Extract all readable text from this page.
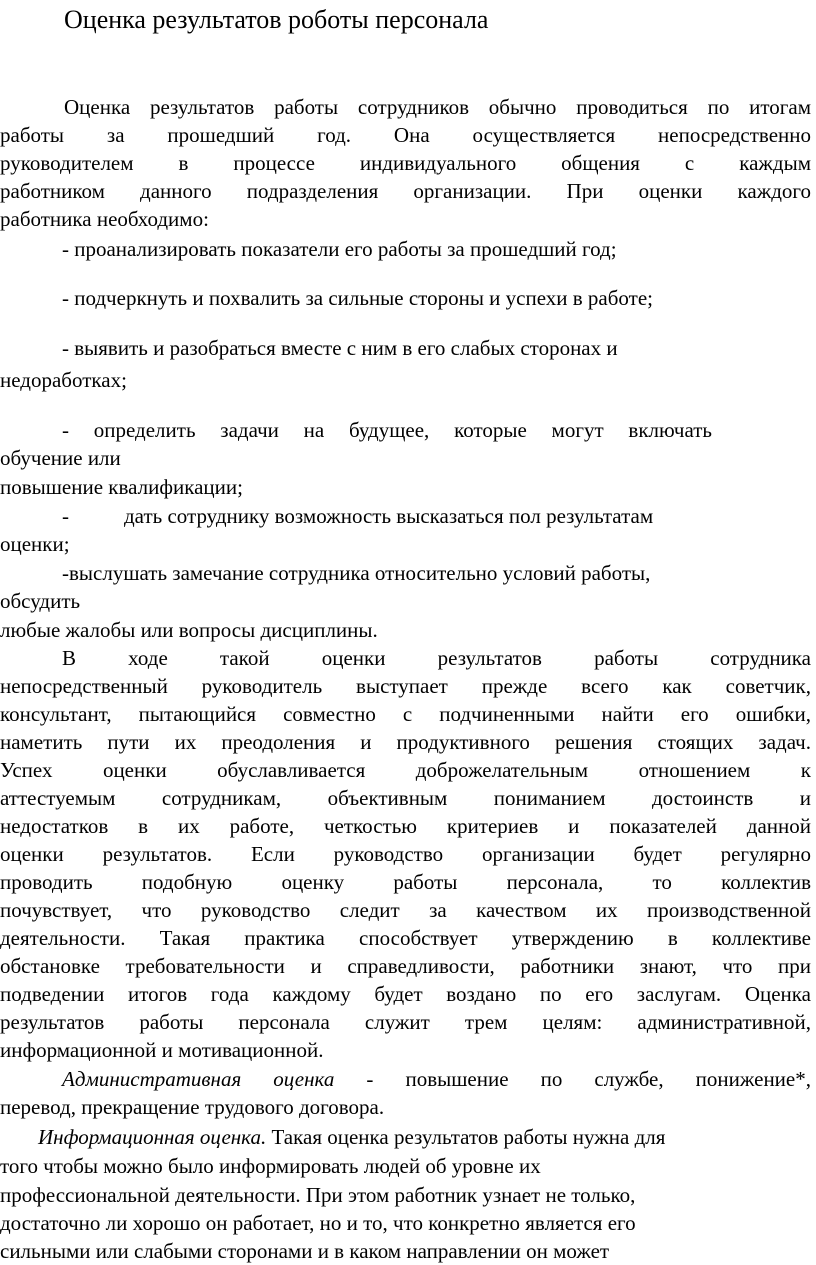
Оценка результатов роботы персонала
Оценка результатов работы сотрудников обычно проводиться по итогам
работы за прошедший год. Она осуществляется непосредственно
руководителем в процессе индивидуального общения с каждым
работником данного подразделения организации. При оценки каждого
работника необходимо:
- проанализировать показатели его работы за прошедший год;
- подчеркнуть и похвалить за сильные стороны и успехи в работе;
- выявить и разобраться вместе с ним в его слабых сторонах и
недоработках;
- определить задачи на будущее, которые могут включать
обучение или
повышение квалификации;
-	дать сотруднику возможность высказаться пол результатам
оценки;
-выслушать замечание сотрудника относительно условий работы,
обсудить
любые жалобы или вопросы дисциплины.
В ходе такой оценки результатов работы сотрудника
непосредственный руководитель выступает прежде всего как советчик,
консультант, пытающийся совместно с подчиненными найти его ошибки,
наметить пути их преодоления и продуктивного решения стоящих задач.
Успех оценки обуславливается доброжелательным отношением к
аттестуемым сотрудникам, объективным пониманием достоинств и
недостатков в их работе, четкостью критериев и показателей данной
оценки результатов. Если руководство организации будет регулярно
проводить подобную оценку работы персонала, то коллектив
почувствует, что руководство следит за качеством их производственной
деятельности. Такая практика способствует утверждению в коллективе
обстановке требовательности и справедливости, работники знают, что при
подведении итогов года каждому будет воздано по его заслугам. Оценка
результатов работы персонала служит трем целям: административной,
информационной и мотивационной.
Административная оценка - повышение по службе, понижение*,
перевод, прекращение трудового договора.
Информационная оценка. Такая оценка результатов работы нужна для
того чтобы можно было информировать людей об уровне их
профессиональной деятельности. При этом работник узнает не только,
достаточно ли хорошо он работает, но и то, что конкретно является его
сильными или слабыми сторонами и в каком направлении он может
